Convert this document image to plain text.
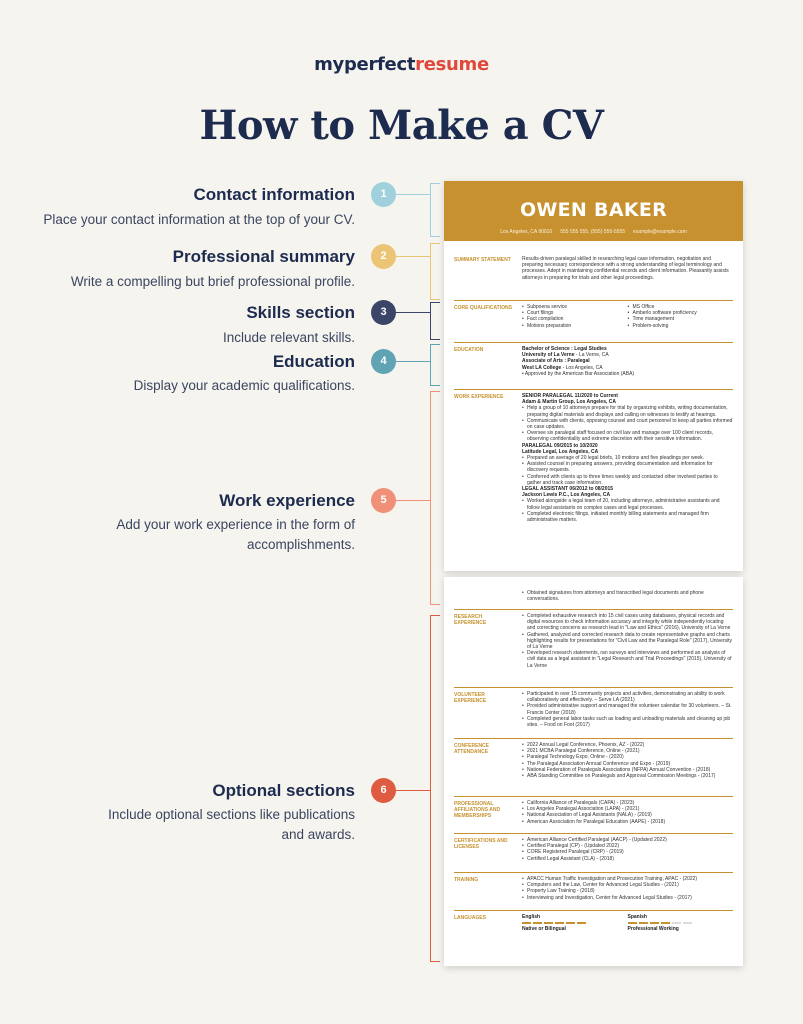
myperfectresume
How to Make a CV
Contact information
Place your contact information at the top of your CV.
1
Professional summary
Write a compelling but brief professional profile.
2
Skills section
Include relevant skills.
3
Education
Display your academic qualifications.
4
Work experience
Add your work experience in the form of accomplishments.
5
Optional sections
Include optional sections like publications and awards.
6
OWEN BAKER
Los Angeles, CA 90010 555 555 555, (555) 555-5555 example@example.com
SUMMARY STATEMENT Results-driven paralegal skilled in researching legal case information, negotiation and preparing necessary correspondence with a strong understanding of legal terminology and processes. Adept in maintaining confidential records and client information. Pleasantly assists attorneys in preparing for trials and other legal proceedings.
CORE QUALIFICATIONS	• Subpoena service
• Court filings
• Fact compilation
• Motions preparation
• MS Office
• Amberlo software proficiency
• Time management
• Problem-solving
EDUCATION	Bachelor of Science : Legal Studies
University of La Verne - La Verne, CA
Associate of Arts : Paralegal
West LA College - Los Angeles, CA
• Approved by the American Bar Association (ABA)
WORK EXPERIENCE	SENIOR PARALEGAL 11/2020 to Current
Adam & Martin Group, Los Angeles, CA
• Help a group of 10 attorneys prepare for trial by organizing exhibits, writing documentation, preparing digital materials and displays and calling on witnesses to testify at hearings.
• Communicate with clients, opposing counsel and court personnel to keep all parties informed on case updates.
• Oversee six paralegal staff focused on civil law and manage over 100 client records, observing confidentiality and extreme discretion with their sensitive information.
PARALEGAL 09/2015 to 10/2020
Latitude Legal, Los Angeles, CA
• Prepared an average of 20 legal briefs, 10 motions and five pleadings per week.
• Assisted counsel in preparing answers, providing documentation and information for discovery requests.
• Conferred with clients up to three times weekly and contacted other involved parties to gather and track case information.
LEGAL ASSISTANT 06/2012 to 08/2015
Jackson Lewis P.C., Los Angeles, CA
• Worked alongside a legal team of 20, including attorneys, administrative assistants and follow legal assistants on complex cases and legal processes.
• Completed electronic filings, initiated monthly billing statements and managed firm administrative matters.
• Obtained signatures from attorneys and transcribed legal documents and phone conversations.
RESEARCH EXPERIENCE
• Completed exhaustive research into 15 civil cases using databases, physical records and digital resources to check information accuracy and integrity while independently locating and correcting concerns as research lead in "Law and Ethics" (2016), University of La Verne
• Gathered, analyzed and corrected research data to create representative graphs and charts highlighting results for presentations for "Civil Law and the Paralegal Role" (2017), University of La Verne
• Developed research statements, ran surveys and interviews and performed an analysis of civil data as a legal assistant in "Legal Research and Trial Proceedings" (2015), University of La Verne
VOLUNTEER EXPERIENCE
• Participated in over 15 community projects and activities, demonstrating an ability to work collaboratively and effectively. – Serve LA (2021)
• Provided administrative support and managed the volunteer calendar for 30 volunteers. – St. Francis Center (2018)
• Completed general labor tasks such as loading and unloading materials and cleaning up job sites. – Food on Foot (2017)
CONFERENCE ATTENDANCE
• 2022 Annual Legal Conference, Phoenix, AZ - (2022)
• 2021 MCBA Paralegal Conference, Online - (2021)
• Paralegal Technology Expo, Online - (2020)
• The Paralegal Association Annual Conference and Expo - (2019)
• National Federation of Paralegals Associations (NFPA) Annual Convention - (2018)
• ABA Standing Committee on Paralegals and Approval Commission Meetings - (2017)
PROFESSIONAL AFFILIATIONS AND MEMBERSHIPS
• California Alliance of Paralegals (CAPA) - (2023)
• Los Angeles Paralegal Association (LAPA) - (2021)
• National Association of Legal Assistants (NALA) - (2019)
• American Association for Paralegal Education (AAPE) - (2018)
CERTIFICATIONS AND LICENSES
• American Alliance Certified Paralegal (AACP) - (Updated 2022)
• Certified Paralegal (CP) - (Updated 2022)
• CORE Registered Paralegal (CRP) - (2019)
• Certified Legal Assistant (CLA) - (2018)
TRAINING	• APACC Human Traffic Investigation and Prosecution Training, APAC - (2022)
• Computers and the Law, Center for Advanced Legal Studies - (2021)
• Property Law Training - (2018)
• Interviewing and Investigation, Center for Advanced Legal Studies - (2017)
LANGUAGES	English
Native or Bilingual
Spanish
Professional Working
